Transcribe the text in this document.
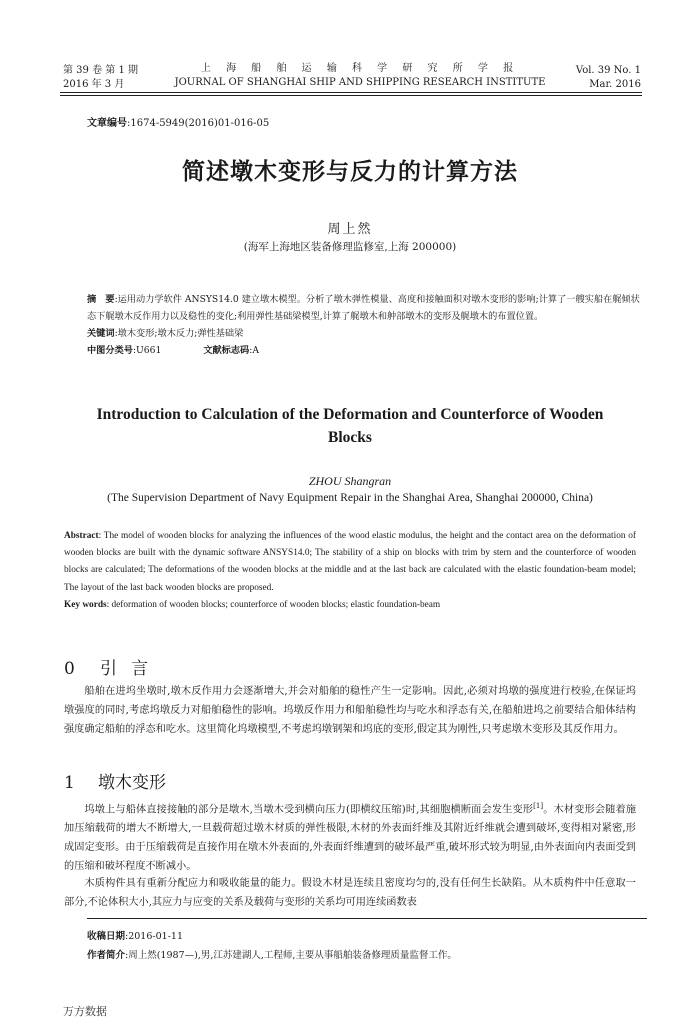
第 39 卷 第 1 期
2016 年 3 月
上 海 船 舶 运 输 科 学 研 究 所 学 报
JOURNAL OF SHANGHAI SHIP AND SHIPPING RESEARCH INSTITUTE
Vol. 39 No. 1
Mar. 2016
文章编号:1674-5949(2016)01-016-05
简述墩木变形与反力的计算方法
周上然
(海军上海地区装备修理监修室,上海 200000)
摘　要:运用动力学软件 ANSYS14.0 建立墩木模型。分析了墩木弹性模量、高度和接触面积对墩木变形的影响;计算了一艘实船在艉倾状态下艉墩木反作用力以及稳性的变化;利用弹性基础梁模型,计算了艉墩木和舯部墩木的变形及艉墩木的布置位置。
关键词:墩木变形;墩木反力;弹性基础梁
中图分类号:U661	文献标志码:A
Introduction to Calculation of the Deformation and Counterforce of Wooden Blocks
ZHOU Shangran
(The Supervision Department of Navy Equipment Repair in the Shanghai Area, Shanghai 200000, China)
Abstract: The model of wooden blocks for analyzing the influences of the wood elastic modulus, the height and the contact area on the deformation of wooden blocks are built with the dynamic software ANSYS14.0; The stability of a ship on blocks with trim by stern and the counterforce of wooden blocks are calculated; The deformations of the wooden blocks at the middle and at the last back are calculated with the elastic foundation-beam model; The layout of the last back wooden blocks are proposed.
Key words: deformation of wooden blocks; counterforce of wooden blocks; elastic foundation-beam
0 引言
船舶在进坞坐墩时,墩木反作用力会逐渐增大,并会对船舶的稳性产生一定影响。因此,必须对坞墩的强度进行校验,在保证坞墩强度的同时,考虑坞墩反力对船舶稳性的影响。坞墩反作用力和船舶稳性均与吃水和浮态有关,在船舶进坞之前要结合船体结构强度确定船舶的浮态和吃水。这里简化坞墩模型,不考虑坞墩钢架和坞底的变形,假定其为刚性,只考虑墩木变形及其反作用力。
1 墩木变形
坞墩上与船体直接接触的部分是墩木,当墩木受到横向压力(即横纹压缩)时,其细胞横断面会发生变形[1]。木材变形会随着施加压缩载荷的增大不断增大,一旦载荷超过墩木材质的弹性极限,木材的外表面纤维及其附近纤维就会遭到破坏,变得相对紧密,形成固定变形。由于压缩载荷是直接作用在墩木外表面的,外表面纤维遭到的破坏最严重,破坏形式较为明显,由外表面向内表面受到的压缩和破坏程度不断减小。
木质构件具有重新分配应力和吸收能量的能力。假设木材是连续且密度均匀的,没有任何生长缺陷。从木质构件中任意取一部分,不论体积大小,其应力与应变的关系及载荷与变形的关系均可用连续函数表
收稿日期:2016-01-11
作者简介:周上然(1987—),男,江苏建湖人,工程师,主要从事船舶装备修理质量监督工作。
万方数据
